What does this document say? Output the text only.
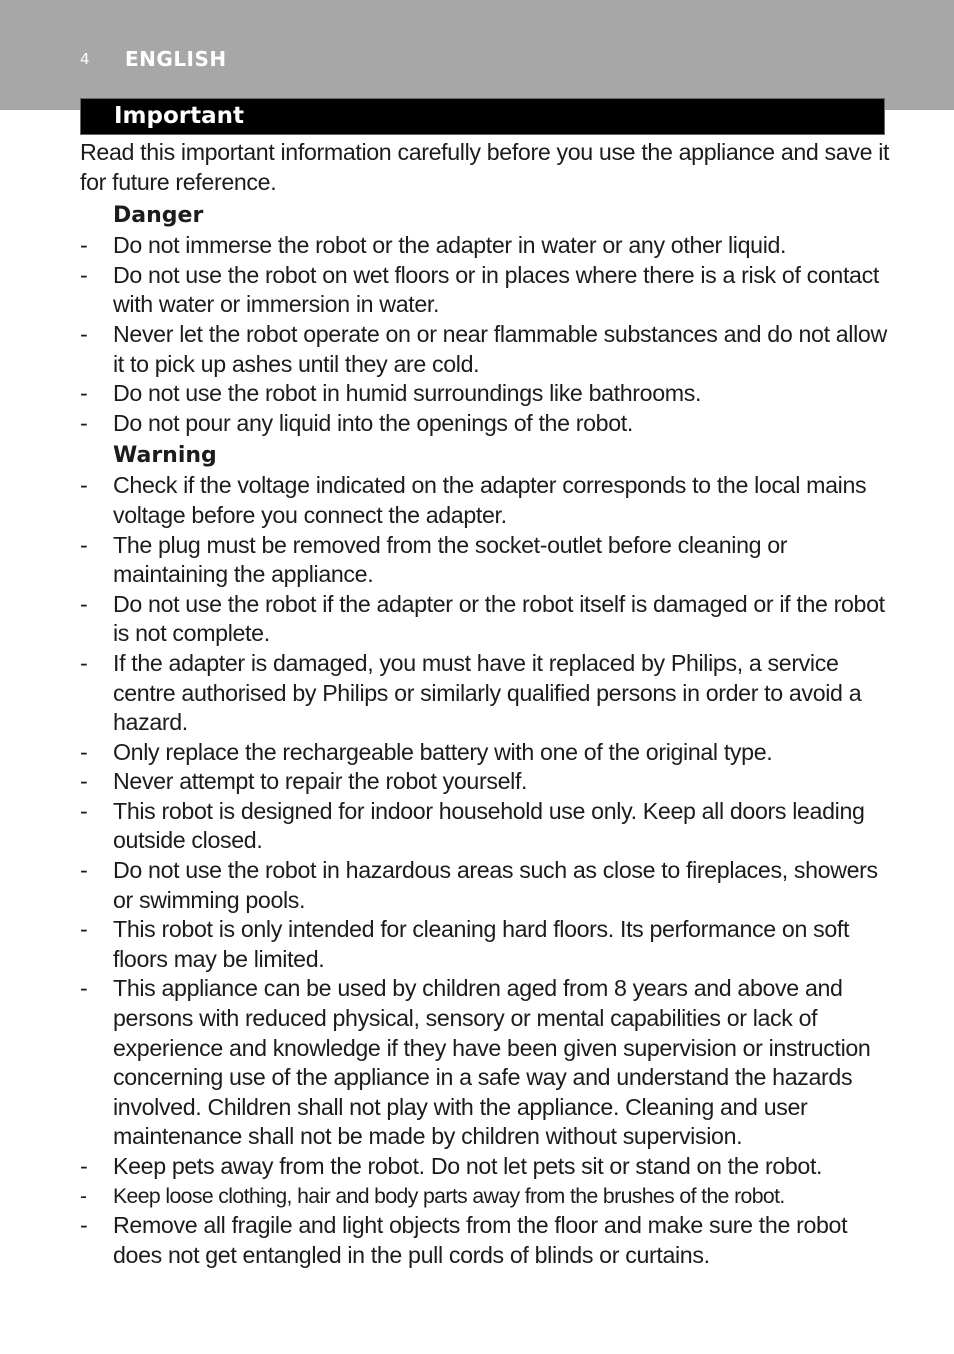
4 ENGLISH
Important

Read this important information carefully before you use the appliance and save it for future reference.

Danger

- Do not immerse the robot or the adapter in water or any other liquid.
- Do not use the robot on wet floors or in places where there is a risk of contact with water or immersion in water.
- Never let the robot operate on or near flammable substances and do not allow it to pick up ashes until they are cold.
- Do not use the robot in humid surroundings like bathrooms.
- Do not pour any liquid into the openings of the robot.

Warning

- Check if the voltage indicated on the adapter corresponds to the local mains voltage before you connect the adapter.
- The plug must be removed from the socket-outlet before cleaning or maintaining the appliance.
- Do not use the robot if the adapter or the robot itself is damaged or if the robot is not complete.
- If the adapter is damaged, you must have it replaced by Philips, a service centre authorised by Philips or similarly qualified persons in order to avoid a hazard.
- Only replace the rechargeable battery with one of the original type.
- Never attempt to repair the robot yourself.
- This robot is designed for indoor household use only. Keep all doors leading outside closed.
- Do not use the robot in hazardous areas such as close to fireplaces, showers or swimming pools.
- This robot is only intended for cleaning hard floors. Its performance on soft floors may be limited.
- This appliance can be used by children aged from 8 years and above and persons with reduced physical, sensory or mental capabilities or lack of experience and knowledge if they have been given supervision or instruction concerning use of the appliance in a safe way and understand the hazards involved. Children shall not play with the appliance. Cleaning and user maintenance shall not be made by children without supervision.
- Keep pets away from the robot. Do not let pets sit or stand on the robot.
- Keep loose clothing, hair and body parts away from the brushes of the robot.
- Remove all fragile and light objects from the floor and make sure the robot does not get entangled in the pull cords of blinds or curtains.
